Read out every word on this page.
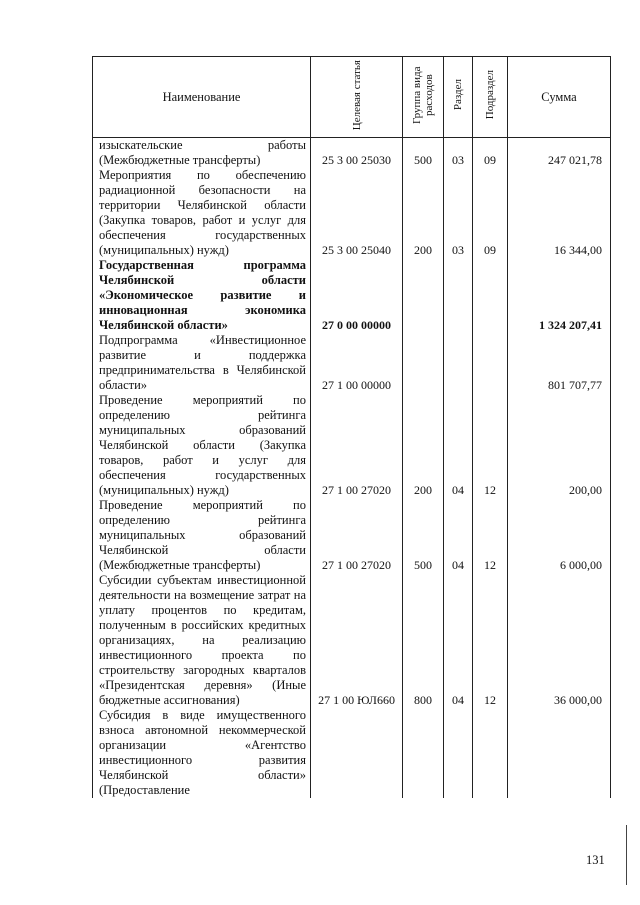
Наименование	Целевая статья	Группа вида расходов	Раздел	Подраздел	Сумма
изыскательские работы (Межбюджетные трансферты)	25 3 00 25030	500	03	09	247 021,78
Мероприятия по обеспечению радиационной безопасности на территории Челябинской области (Закупка товаров, работ и услуг для обеспечения государственных (муниципальных) нужд)	25 3 00 25040	200	03	09	16 344,00
Государственная программа Челябинской области «Экономическое развитие и инновационная экономика Челябинской области»	27 0 00 00000				1 324 207,41
Подпрограмма «Инвестиционное развитие и поддержка предпринимательства в Челябинской области»	27 1 00 00000				801 707,77
Проведение мероприятий по определению рейтинга муниципальных образований Челябинской области (Закупка товаров, работ и услуг для обеспечения государственных (муниципальных) нужд)	27 1 00 27020	200	04	12	200,00
Проведение мероприятий по определению рейтинга муниципальных образований Челябинской области (Межбюджетные трансферты)	27 1 00 27020	500	04	12	6 000,00
Субсидии субъектам инвестиционной деятельности на возмещение затрат на уплату процентов по кредитам, полученным в российских кредитных организациях, на реализацию инвестиционного проекта по строительству загородных кварталов «Президентская деревня» (Иные бюджетные ассигнования)	27 1 00 ЮЛ660	800	04	12	36 000,00
Субсидия в виде имущественного взноса автономной некоммерческой организации «Агентство инвестиционного развития Челябинской области» (Предоставление					
131
